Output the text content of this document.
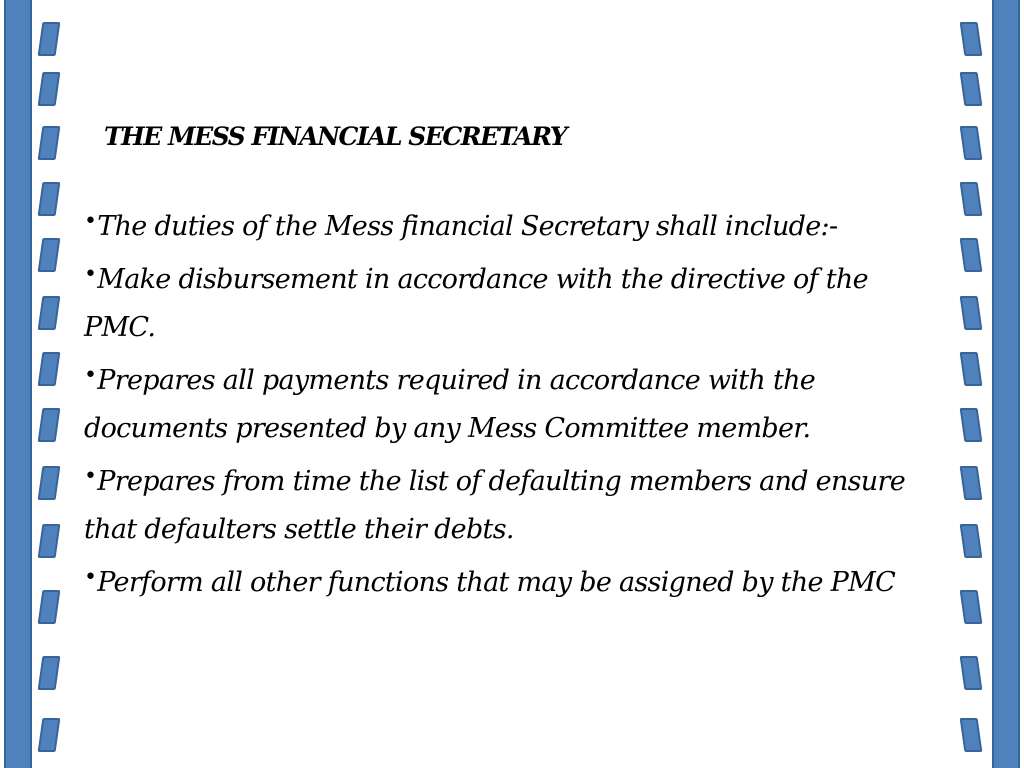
THE MESS FINANCIAL SECRETARY
•The duties of the Mess financial Secretary shall include:-
•Make disbursement in accordance with the directive of the PMC.
•Prepares all payments required in accordance with the documents presented by any Mess Committee member.
•Prepares from time the list of defaulting members and ensure that defaulters settle their debts.
•Perform all other functions that may be assigned by the PMC
